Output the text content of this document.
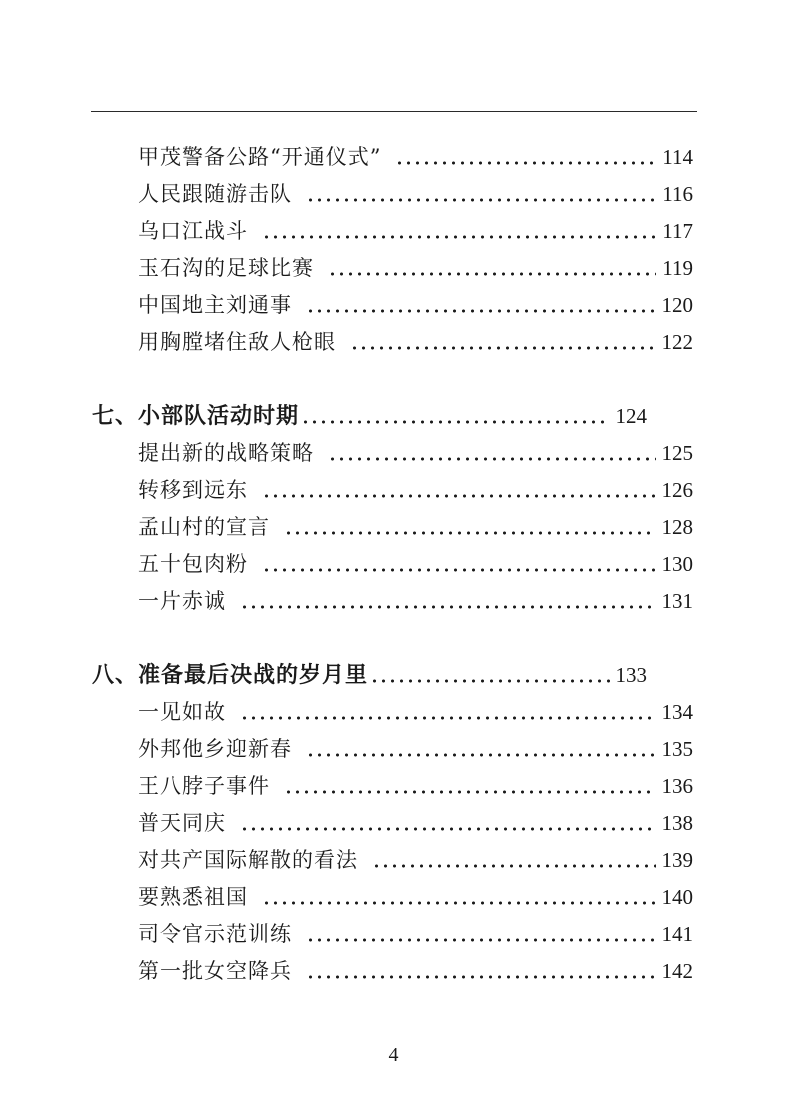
甲茂警备公路“开通仪式”	114
人民跟随游击队	116
乌口江战斗	117
玉石沟的足球比赛	119
中国地主刘通事	120
用胸膛堵住敌人枪眼	122
七、小部队活动时期	124
提出新的战略策略	125
转移到远东	126
孟山村的宣言	128
五十包肉粉	130
一片赤诚	131
八、准备最后决战的岁月里	133
一见如故	134
外邦他乡迎新春	135
王八脖子事件	136
普天同庆	138
对共产国际解散的看法	139
要熟悉祖国	140
司令官示范训练	141
第一批女空降兵	142
4
